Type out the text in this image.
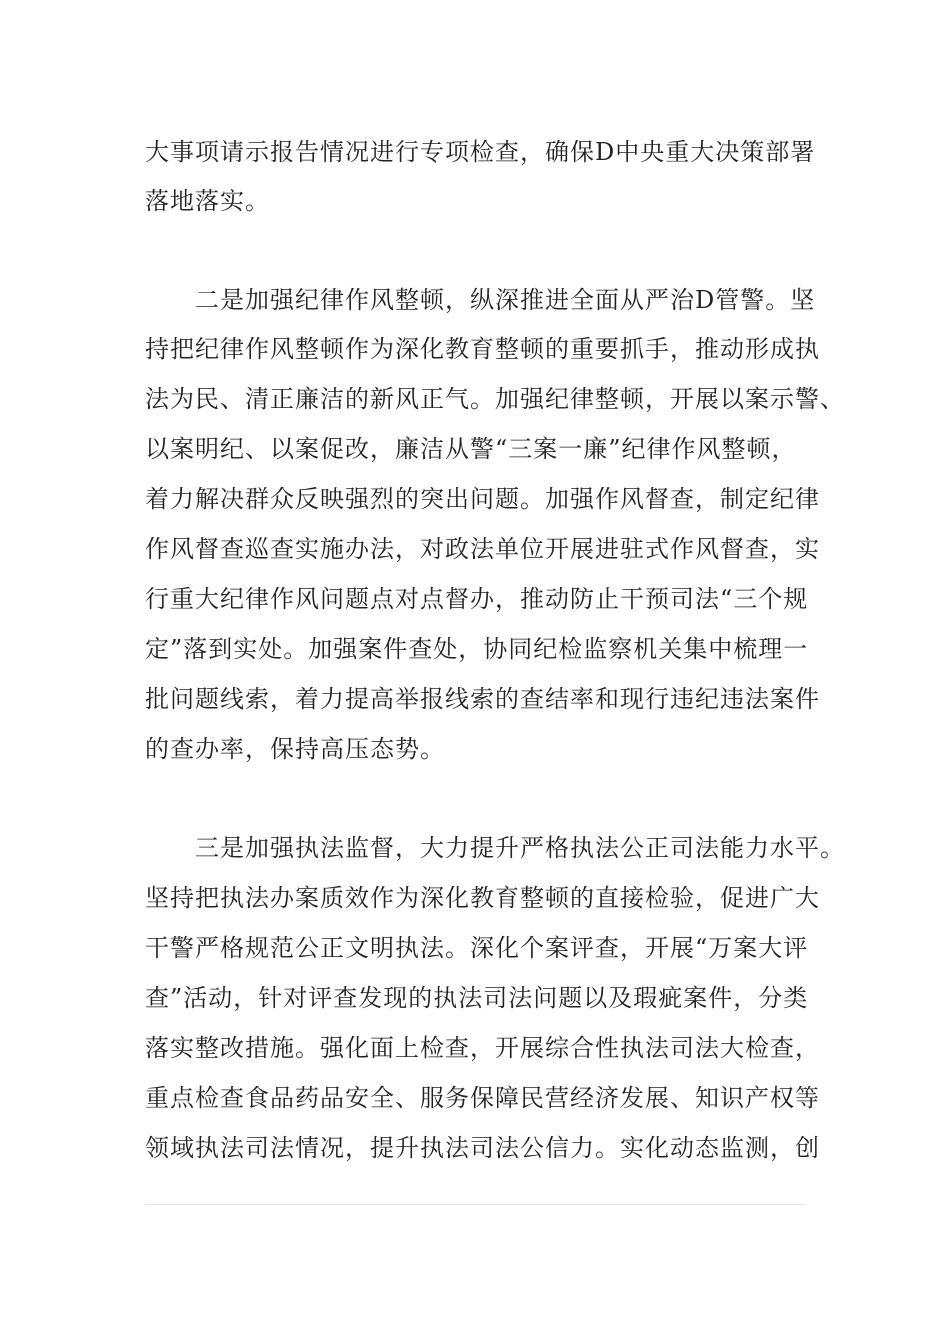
大事项请示报告情况进行专项检查，确保D中央重大决策部署
落地落实。
二是加强纪律作风整顿，纵深推进全面从严治D管警。坚
持把纪律作风整顿作为深化教育整顿的重要抓手，推动形成执
法为民、清正廉洁的新风正气。加强纪律整顿，开展以案示警、
以案明纪、以案促改，廉洁从警“三案一廉”纪律作风整顿，
着力解决群众反映强烈的突出问题。加强作风督查，制定纪律
作风督查巡查实施办法，对政法单位开展进驻式作风督查，实
行重大纪律作风问题点对点督办，推动防止干预司法“三个规
定”落到实处。加强案件查处，协同纪检监察机关集中梳理一
批问题线索，着力提高举报线索的查结率和现行违纪违法案件
的查办率，保持高压态势。
三是加强执法监督，大力提升严格执法公正司法能力水平。
坚持把执法办案质效作为深化教育整顿的直接检验，促进广大
干警严格规范公正文明执法。深化个案评查，开展“万案大评
查”活动，针对评查发现的执法司法问题以及瑕疵案件，分类
落实整改措施。强化面上检查，开展综合性执法司法大检查，
重点检查食品药品安全、服务保障民营经济发展、知识产权等
领域执法司法情况，提升执法司法公信力。实化动态监测，创
